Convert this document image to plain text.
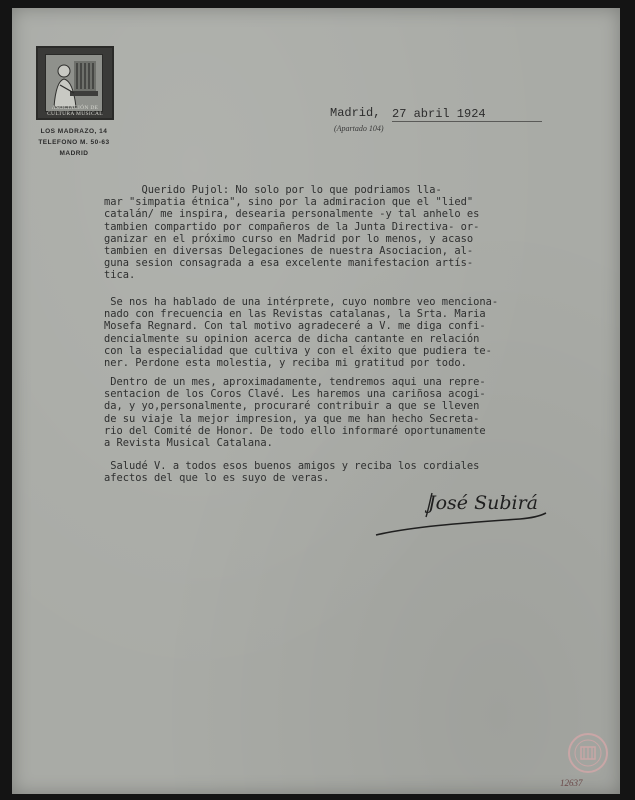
ASOCIACIÓN DE CULTURA MUSICAL
LOS MADRAZO, 14
TELEFONO M. 50-63
MADRID
Madrid, 27 abril 1924
(Apartado 104)
Querido Pujol: No solo por lo que podriamos lla-
mar "simpatia étnica", sino por la admiracion que el "lied"
catalán/ me inspira, desearia personalmente -y tal anhelo es
tambien compartido por compañeros de la Junta Directiva- or-
ganizar en el próximo curso en Madrid por lo menos, y acaso
tambien en diversas Delegaciones de nuestra Asociacion, al-
guna sesion consagrada a esa excelente manifestacion artís-
tica.
Se nos ha hablado de una intérprete, cuyo nombre veo menciona-
nado con frecuencia en las Revistas catalanas, la Srta. Maria
Mosefa Regnard. Con tal motivo agradeceré a V. me diga confi-
dencialmente su opinion acerca de dicha cantante en relación
con la especialidad que cultiva y con el éxito que pudiera te-
ner. Perdone esta molestia, y reciba mi gratitud por todo.
Dentro de un mes, aproximadamente, tendremos aqui una repre-
sentacion de los Coros Clavé. Les haremos una cariñosa acogi-
da, y yo,personalmente, procuraré contribuir a que se lleven
de su viaje la mejor impresion, ya que me han hecho Secreta-
rio del Comité de Honor. De todo ello informaré oportunamente
a Revista Musical Catalana.
Saludé V. a todos esos buenos amigos y reciba los cordiales
afectos del que lo es suyo de veras.
José Subirá
12637
